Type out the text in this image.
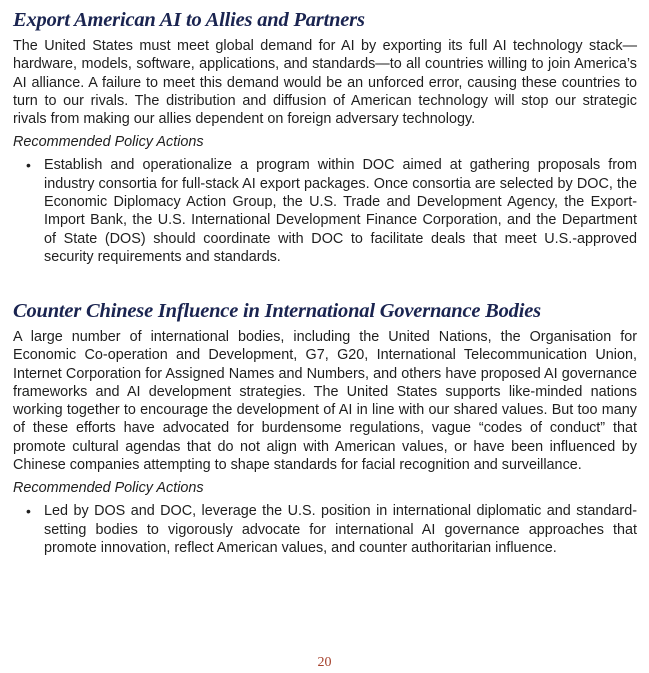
Export American AI to Allies and Partners

The United States must meet global demand for AI by exporting its full AI technology stack—hardware, models, software, applications, and standards—to all countries willing to join America’s AI alliance. A failure to meet this demand would be an unforced error, causing these countries to turn to our rivals. The distribution and diffusion of American technology will stop our strategic rivals from making our allies dependent on foreign adversary technology.

Recommended Policy Actions

• Establish and operationalize a program within DOC aimed at gathering proposals from industry consortia for full-stack AI export packages. Once consortia are selected by DOC, the Economic Diplomacy Action Group, the U.S. Trade and Development Agency, the Export-Import Bank, the U.S. International Development Finance Corporation, and the Department of State (DOS) should coordinate with DOC to facilitate deals that meet U.S.-approved security requirements and standards.
Counter Chinese Influence in International Governance Bodies

A large number of international bodies, including the United Nations, the Organisation for Economic Co-operation and Development, G7, G20, International Telecommunication Union, Internet Corporation for Assigned Names and Numbers, and others have proposed AI governance frameworks and AI development strategies. The United States supports like-minded nations working together to encourage the development of AI in line with our shared values. But too many of these efforts have advocated for burdensome regulations, vague “codes of conduct” that promote cultural agendas that do not align with American values, or have been influenced by Chinese companies attempting to shape standards for facial recognition and surveillance.

Recommended Policy Actions

• Led by DOS and DOC, leverage the U.S. position in international diplomatic and standard-setting bodies to vigorously advocate for international AI governance approaches that promote innovation, reflect American values, and counter authoritarian influence.
20
